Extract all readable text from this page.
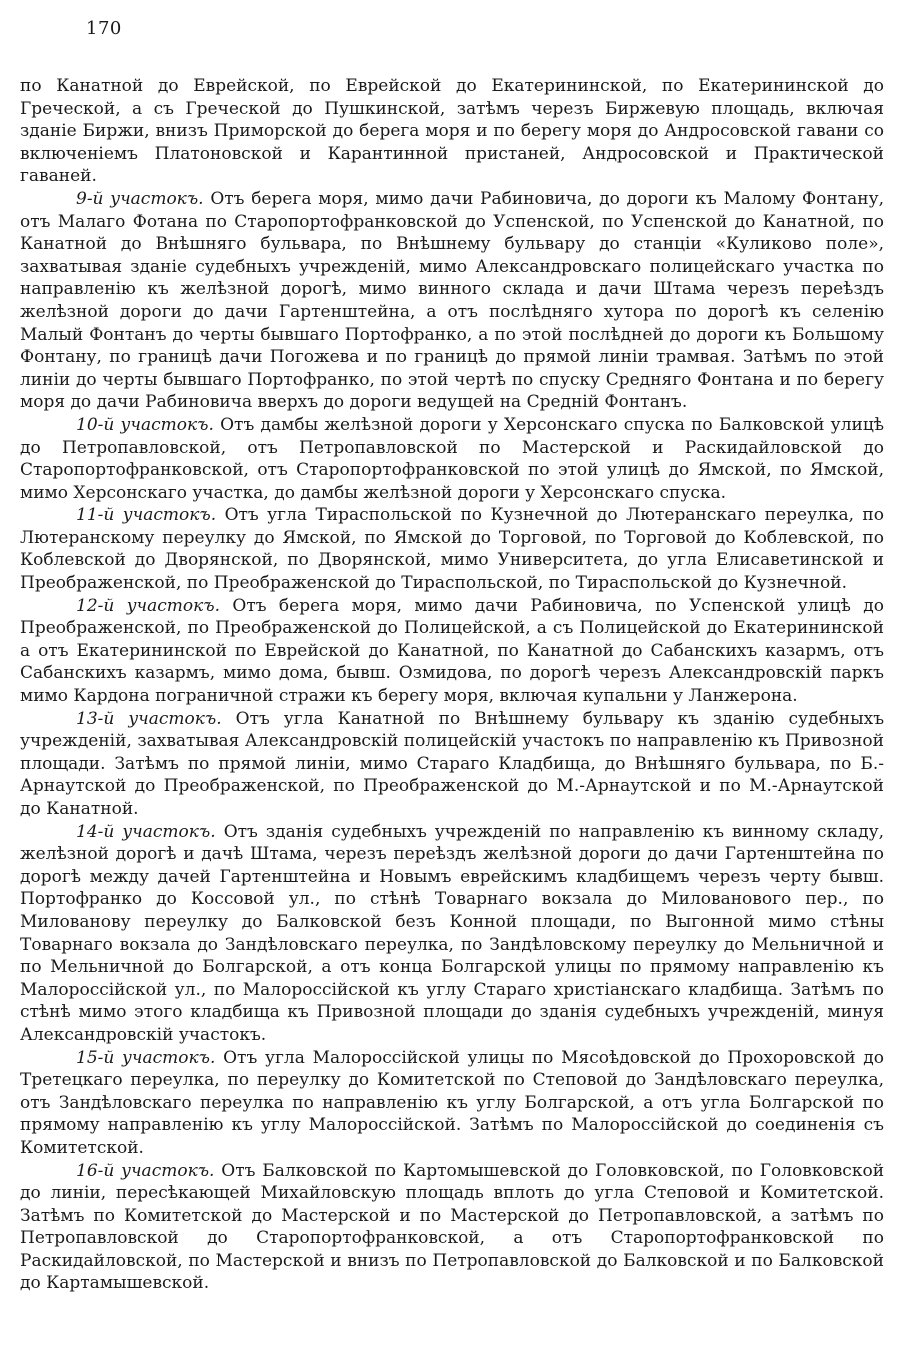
170

по Канатной до Еврейской, по Еврейской до Екатерининской, по Екатерининской до Греческой, а съ Греческой до Пушкинской, затѣмъ черезъ Биржевую площадь, включая зданіе Биржи, внизъ Приморской до берега моря и по берегу моря до Андросовской гавани со включеніемъ Платоновской и Карантинной пристаней, Андросовской и Практической гаваней.

9-й участокъ. Отъ берега моря, мимо дачи Рабиновича, до дороги къ Малому Фонтану, отъ Малаго Фотана по Старопортофранковской до Успенской, по Успенской до Канатной, по Канатной до Внѣшняго бульвара, по Внѣшнему бульвару до станціи «Куликово поле», захватывая зданіе судебныхъ учрежденій, мимо Александровскаго полицейскаго участка по направленію къ желѣзной дорогѣ, мимо винного склада и дачи Штама черезъ переѣздъ желѣзной дороги до дачи Гартенштейна, а отъ послѣдняго хутора по дорогѣ къ селенію Малый Фонтанъ до черты бывшаго Портофранко, а по этой послѣдней до дороги къ Большому Фонтану, по границѣ дачи Погожева и по границѣ до прямой линіи трамвая. Затѣмъ по этой линіи до черты бывшаго Портофранко, по этой чертѣ по спуску Средняго Фонтана и по берегу моря до дачи Рабиновича вверхъ до дороги ведущей на Средній Фонтанъ.

10-й участокъ. Отъ дамбы желѣзной дороги у Херсонскаго спуска по Балковской улицѣ до Петропавловской, отъ Петропавловской по Мастерской и Раскидайловской до Старопортофранковской, отъ Старопортофранковской по этой улицѣ до Ямской, по Ямской, мимо Херсонскаго участка, до дамбы желѣзной дороги у Херсонскаго спуска.

11-й участокъ. Отъ угла Тираспольской по Кузнечной до Лютеранскаго переулка, по Лютеранскому переулку до Ямской, по Ямской до Торговой, по Торговой до Коблевской, по Коблевской до Дворянской, по Дворянской, мимо Университета, до угла Елисаветинской и Преображенской, по Преображенской до Тираспольской, по Тираспольской до Кузнечной.

12-й участокъ. Отъ берега моря, мимо дачи Рабиновича, по Успенской улицѣ до Преображенской, по Преображенской до Полицейской, а съ Полицейской до Екатерининской а отъ Екатерининской по Еврейской до Канатной, по Канатной до Сабанскихъ казармъ, отъ Сабанскихъ казармъ, мимо дома, бывш. Озмидова, по дорогѣ черезъ Александровскій паркъ мимо Кардона пограничной стражи къ берегу моря, включая купальни у Ланжерона.

13-й участокъ. Отъ угла Канатной по Внѣшнему бульвару къ зданію судебныхъ учрежденій, захватывая Александровскій полицейскій участокъ по направленію къ Привозной площади. Затѣмъ по прямой линіи, мимо Стараго Кладбища, до Внѣшняго бульвара, по Б.-Арнаутской до Преображенской, по Преображенской до М.-Арнаутской и по М.-Арнаутской до Канатной.

14-й участокъ. Отъ зданія судебныхъ учрежденій по направленію къ винному складу, желѣзной дорогѣ и дачѣ Штама, черезъ переѣздъ желѣзной дороги до дачи Гартенштейна по дорогѣ между дачей Гартенштейна и Новымъ еврейскимъ кладбищемъ черезъ черту бывш. Портофранко до Коссовой ул., по стѣнѣ Товарнаго вокзала до Милованового пер., по Милованову переулку до Балковской безъ Конной площади, по Выгонной мимо стѣны Товарнаго вокзала до Зандѣловскаго переулка, по Зандѣловскому переулку до Мельничной и по Мельничной до Болгарской, а отъ конца Болгарской улицы по прямому направленію къ Малороссійской ул., по Малороссійской къ углу Стараго христіанскаго кладбища. Затѣмъ по стѣнѣ мимо этого кладбища къ Привозной площади до зданія судебныхъ учрежденій, минуя Александровскій участокъ.

15-й участокъ. Отъ угла Малороссійской улицы по Мясоѣдовской до Прохоровской до Третецкаго переулка, по переулку до Комитетской по Степовой до Зандѣловскаго переулка, отъ Зандѣловскаго переулка по направленію къ углу Болгарской, а отъ угла Болгарской по прямому направленію къ углу Малороссійской. Затѣмъ по Малороссійской до соединенія съ Комитетской.

16-й участокъ. Отъ Балковской по Картомышевской до Головковской, по Головковской до линіи, пересѣкающей Михайловскую площадь вплоть до угла Степовой и Комитетской. Затѣмъ по Комитетской до Мастерской и по Мастерской до Петропавловской, а затѣмъ по Петропавловской до Старопортофранковской, а отъ Старопортофранковской по Раскидайловской, по Мастерской и внизъ по Петропавловской до Балковской и по Балковской до Картамышевской.
